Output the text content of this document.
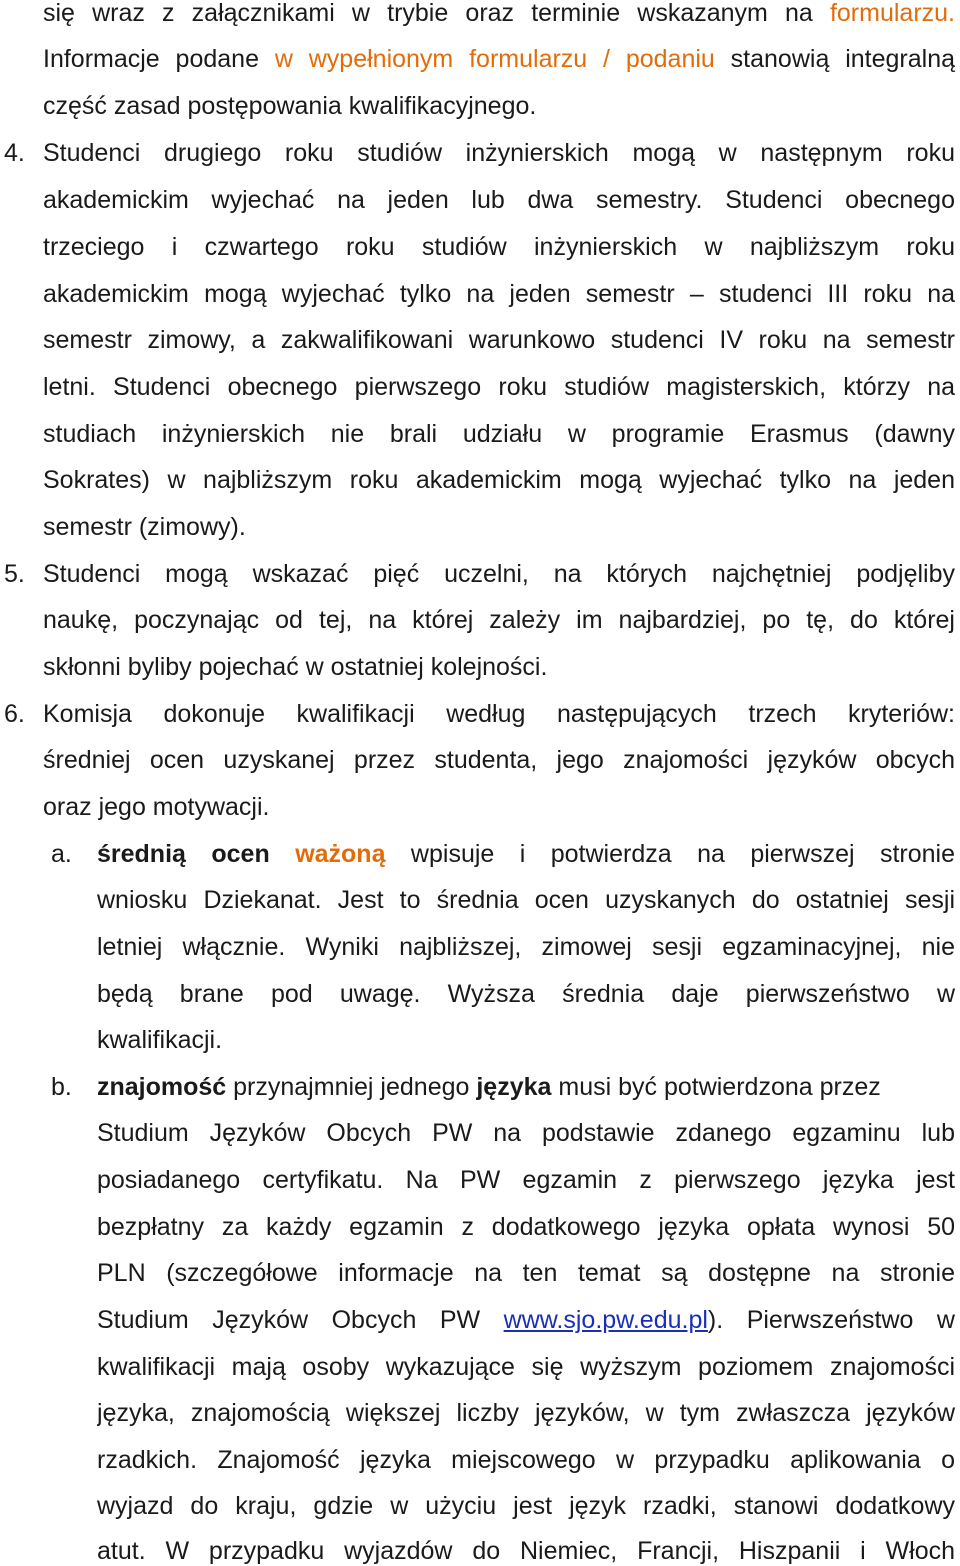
się wraz z załącznikami w trybie oraz terminie wskazanym na formularzu.
Informacje podane w wypełnionym formularzu / podaniu stanowią integralną
część zasad postępowania kwalifikacyjnego.
4. Studenci drugiego roku studiów inżynierskich mogą w następnym roku
akademickim wyjechać na jeden lub dwa semestry. Studenci obecnego
trzeciego i czwartego roku studiów inżynierskich w najbliższym roku
akademickim mogą wyjechać tylko na jeden semestr – studenci III roku na
semestr zimowy, a zakwalifikowani warunkowo studenci IV roku na semestr
letni. Studenci obecnego pierwszego roku studiów magisterskich, którzy na
studiach inżynierskich nie brali udziału w programie Erasmus (dawny
Sokrates) w najbliższym roku akademickim mogą wyjechać tylko na jeden
semestr (zimowy).
5. Studenci mogą wskazać pięć uczelni, na których najchętniej podjęliby
naukę, poczynając od tej, na której zależy im najbardziej, po tę, do której
skłonni byliby pojechać w ostatniej kolejności.
6. Komisja dokonuje kwalifikacji według następujących trzech kryteriów:
średniej ocen uzyskanej przez studenta, jego znajomości języków obcych
oraz jego motywacji.
a. średnią ocen ważoną wpisuje i potwierdza na pierwszej stronie
wniosku Dziekanat. Jest to średnia ocen uzyskanych do ostatniej sesji
letniej włącznie. Wyniki najbliższej, zimowej sesji egzaminacyjnej, nie
będą brane pod uwagę. Wyższa średnia daje pierwszeństwo w
kwalifikacji.
b. znajomość przynajmniej jednego języka musi być potwierdzona przez
Studium Języków Obcych PW na podstawie zdanego egzaminu lub
posiadanego certyfikatu. Na PW egzamin z pierwszego języka jest
bezpłatny za każdy egzamin z dodatkowego języka opłata wynosi 50
PLN (szczegółowe informacje na ten temat są dostępne na stronie
Studium Języków Obcych PW www.sjo.pw.edu.pl). Pierwszeństwo w
kwalifikacji mają osoby wykazujące się wyższym poziomem znajomości
języka, znajomością większej liczby języków, w tym zwłaszcza języków
rzadkich. Znajomość języka miejscowego w przypadku aplikowania o
wyjazd do kraju, gdzie w użyciu jest język rzadki, stanowi dodatkowy
atut. W przypadku wyjazdów do Niemiec, Francji, Hiszpanii i Włoch
